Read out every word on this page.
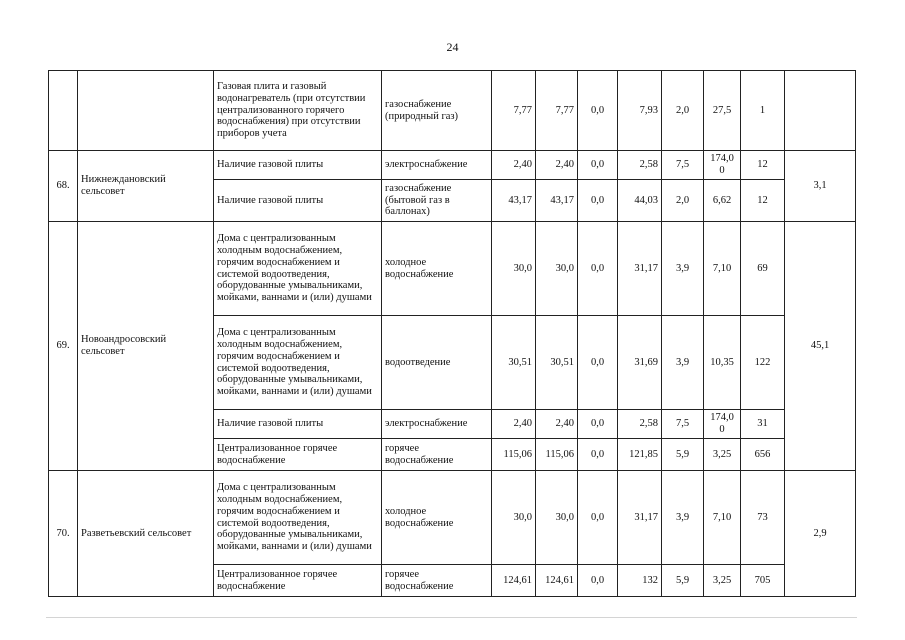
24
		Газовая плита и газовый водонагреватель (при отсутствии централизованного горячего водоснабжения) при отсутствии приборов учета	газоснабжение (природный газ)	7,77	7,77	0,0	7,93	2,0	27,5	1	
68.	Нижнеждановский сельсовет	Наличие газовой плиты	электроснабжение	2,40	2,40	0,0	2,58	7,5	174,0 0	12	3,1
		Наличие газовой плиты	газоснабжение (бытовой газ в баллонах)	43,17	43,17	0,0	44,03	2,0	6,62	12	
69.	Новоандросовский сельсовет	Дома с централизованным холодным водоснабжением, горячим водоснабжением и системой водоотведения, оборудованные умывальниками, мойками, ваннами и (или) душами	холодное водоснабжение	30,0	30,0	0,0	31,17	3,9	7,10	69	45,1
		Дома с централизованным холодным водоснабжением, горячим водоснабжением и системой водоотведения, оборудованные умывальниками, мойками, ваннами и (или) душами	водоотведение	30,51	30,51	0,0	31,69	3,9	10,35	122	
		Наличие газовой плиты	электроснабжение	2,40	2,40	0,0	2,58	7,5	174,0 0	31	
		Централизованное горячее водоснабжение	горячее водоснабжение	115,06	115,06	0,0	121,85	5,9	3,25	656	
70.	Разветьевский сельсовет	Дома с централизованным холодным водоснабжением, горячим водоснабжением и системой водоотведения, оборудованные умывальниками, мойками, ваннами и (или) душами	холодное водоснабжение	30,0	30,0	0,0	31,17	3,9	7,10	73	2,9
		Централизованное горячее водоснабжение	горячее водоснабжение	124,61	124,61	0,0	132	5,9	3,25	705	
